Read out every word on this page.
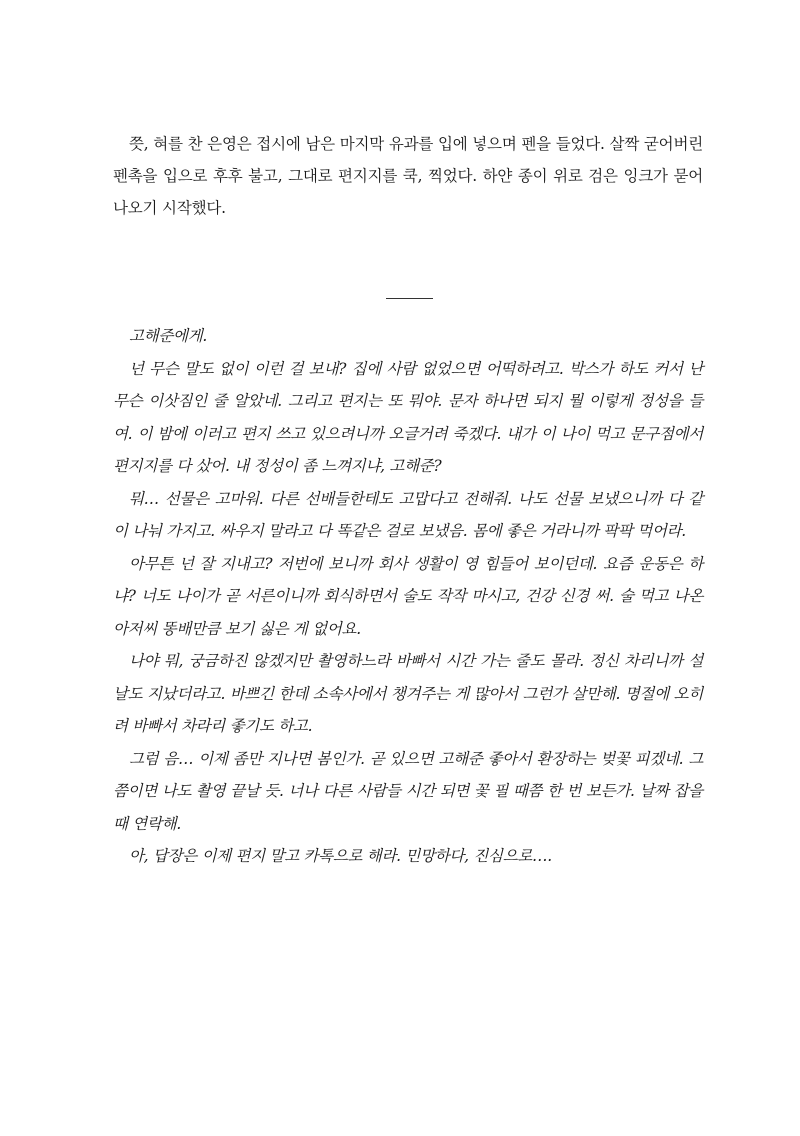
쯧, 혀를 찬 은영은 접시에 남은 마지막 유과를 입에 넣으며 펜을 들었다. 살짝 굳어버린 펜촉을 입으로 후후 불고, 그대로 편지지를 쿡, 찍었다. 하얀 종이 위로 검은 잉크가 묻어나오기 시작했다.

고해준에게.

넌 무슨 말도 없이 이런 걸 보내? 집에 사람 없었으면 어떡하려고. 박스가 하도 커서 난 무슨 이삿짐인 줄 알았네. 그리고 편지는 또 뭐야. 문자 하나면 되지 뭘 이렇게 정성을 들여. 이 밤에 이러고 편지 쓰고 있으려니까 오글거려 죽겠다. 내가 이 나이 먹고 문구점에서 편지지를 다 샀어. 내 정성이 좀 느껴지냐, 고해준?

뭐… 선물은 고마워. 다른 선배들한테도 고맙다고 전해줘. 나도 선물 보냈으니까 다 같이 나눠 가지고. 싸우지 말라고 다 똑같은 걸로 보냈음. 몸에 좋은 거라니까 팍팍 먹어라.

아무튼 넌 잘 지내고? 저번에 보니까 회사 생활이 영 힘들어 보이던데. 요즘 운동은 하냐? 너도 나이가 곧 서른이니까 회식하면서 술도 작작 마시고, 건강 신경 써. 술 먹고 나온 아저씨 똥배만큼 보기 싫은 게 없어요.

나야 뭐, 궁금하진 않겠지만 촬영하느라 바빠서 시간 가는 줄도 몰라. 정신 차리니까 설날도 지났더라고. 바쁘긴 한데 소속사에서 챙겨주는 게 많아서 그런가 살만해. 명절에 오히려 바빠서 차라리 좋기도 하고.

그럼 음… 이제 좀만 지나면 봄인가. 곧 있으면 고해준 좋아서 환장하는 벚꽃 피겠네. 그쯤이면 나도 촬영 끝날 듯. 너나 다른 사람들 시간 되면 꽃 필 때쯤 한 번 보든가. 날짜 잡을 때 연락해.

아, 답장은 이제 편지 말고 카톡으로 해라. 민망하다, 진심으로….
